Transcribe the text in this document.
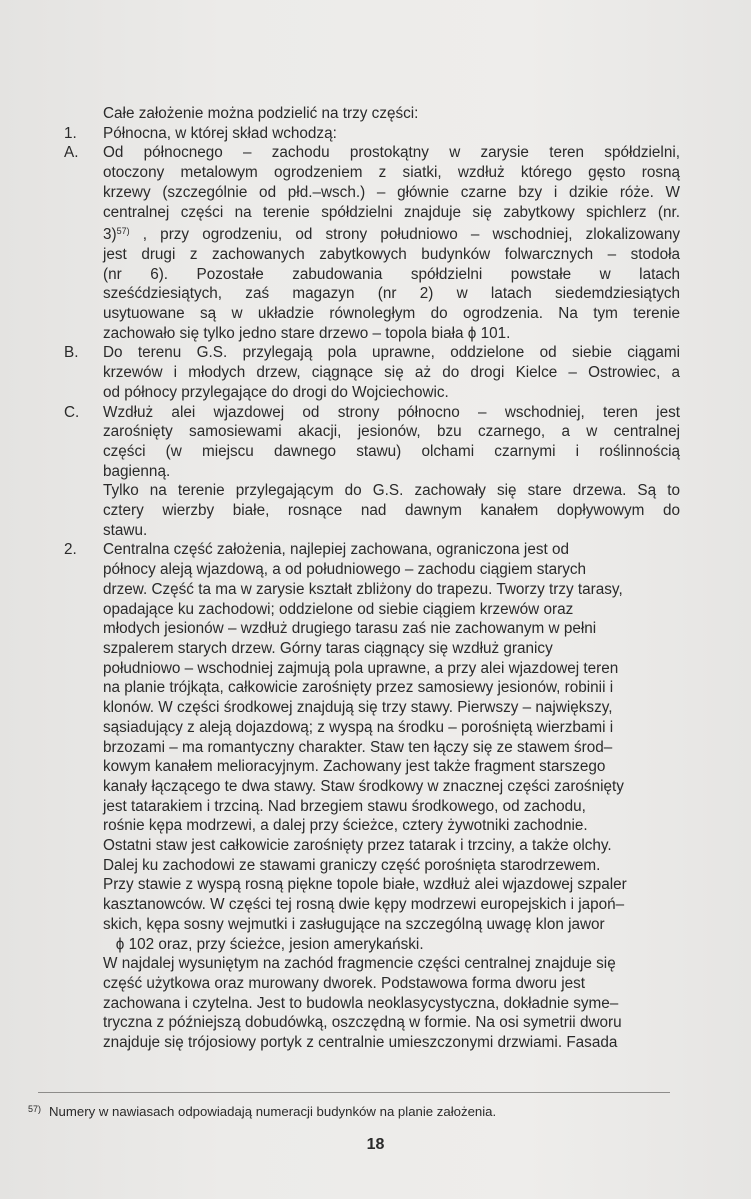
Całe założenie można podzielić na trzy części:
1. Północna, w której skład wchodzą:
A. Od północnego – zachodu prostokątny w zarysie teren spółdzielni,

otoczony metalowym ogrodzeniem z siatki, wzdłuż którego gęsto rosną

krzewy (szczególnie od płd.–wsch.) – głównie czarne bzy i dzikie róże. W

centralnej części na terenie spółdzielni znajduje się zabytkowy spichlerz (nr.

3)$^{57)}$ , przy ogrodzeniu, od strony południowo – wschodniej, zlokalizowany

jest drugi z zachowanych zabytkowych budynków folwarcznych – stodoła

(nr 6). Pozostałe zabudowania spółdzielni powstałe w latach

sześćdziesiątych, zaś magazyn (nr 2) w latach siedemdziesiątych

usytuowane są w układzie równoległym do ogrodzenia. Na tym terenie

zachowało się tylko jedno stare drzewo – topola biała ϕ 101.

B. Do terenu G.S. przylegają pola uprawne, oddzielone od siebie ciągami

krzewów i młodych drzew, ciągnące się aż do drogi Kielce – Ostrowiec, a

od północy przylegające do drogi do Wojciechowic.

C. Wzdłuż alei wjazdowej od strony północno – wschodniej, teren jest

zarośnięty samosiewami akacji, jesionów, bzu czarnego, a w centralnej

części (w miejscu dawnego stawu) olchami czarnymi i roślinnością

bagienną.

Tylko na terenie przylegającym do G.S. zachowały się stare drzewa. Są to

cztery wierzby białe, rosnące nad dawnym kanałem dopływowym do

stawu.

2. Centralna część założenia, najlepiej zachowana, ograniczona jest od

północy aleją wjazdową, a od południowego – zachodu ciągiem starych

drzew. Część ta ma w zarysie kształt zbliżony do trapezu. Tworzy trzy tarasy,

opadające ku zachodowi; oddzielone od siebie ciągiem krzewów oraz

młodych jesionów – wzdłuż drugiego tarasu zaś nie zachowanym w pełni

szpalerem starych drzew. Górny taras ciągnący się wzdłuż granicy

południowo – wschodniej zajmują pola uprawne, a przy alei wjazdowej teren

na planie trójkąta, całkowicie zarośnięty przez samosiewy jesionów, robinii i

klonów. W części środkowej znajdują się trzy stawy. Pierwszy – największy,

sąsiadujący z aleją dojazdową; z wyspą na środku – porośniętą wierzbami i

brzozami – ma romantyczny charakter. Staw ten łączy się ze stawem środ–

kowym kanałem melioracyjnym. Zachowany jest także fragment starszego

kanały łączącego te dwa stawy. Staw środkowy w znacznej części zarośnięty

jest tatarakiem i trzciną. Nad brzegiem stawu środkowego, od zachodu,

rośnie kępa modrzewi, a dalej przy ścieżce, cztery żywotniki zachodnie.

Ostatni staw jest całkowicie zarośnięty przez tatarak i trzciny, a także olchy.

Dalej ku zachodowi ze stawami graniczy część porośnięta starodrzewem.

Przy stawie z wyspą rosną piękne topole białe, wzdłuż alei wjazdowej szpaler

kasztanowców. W części tej rosną dwie kępy modrzewi europejskich i japoń–

skich, kępa sosny wejmutki i zasługujące na szczególną uwagę klon jawor

ϕ 102 oraz, przy ścieżce, jesion amerykański.

W najdalej wysuniętym na zachód fragmencie części centralnej znajduje się

część użytkowa oraz murowany dworek. Podstawowa forma dworu jest

zachowana i czytelna. Jest to budowla neoklasycystyczna, dokładnie syme–

tryczna z późniejszą dobudówką, oszczędną w formie. Na osi symetrii dworu

znajduje się trójosiowy portyk z centralnie umieszczonymi drzwiami. Fasada

$^{57)}$ Numery w nawiasach odpowiadają numeracji budynków na planie założenia.
18
